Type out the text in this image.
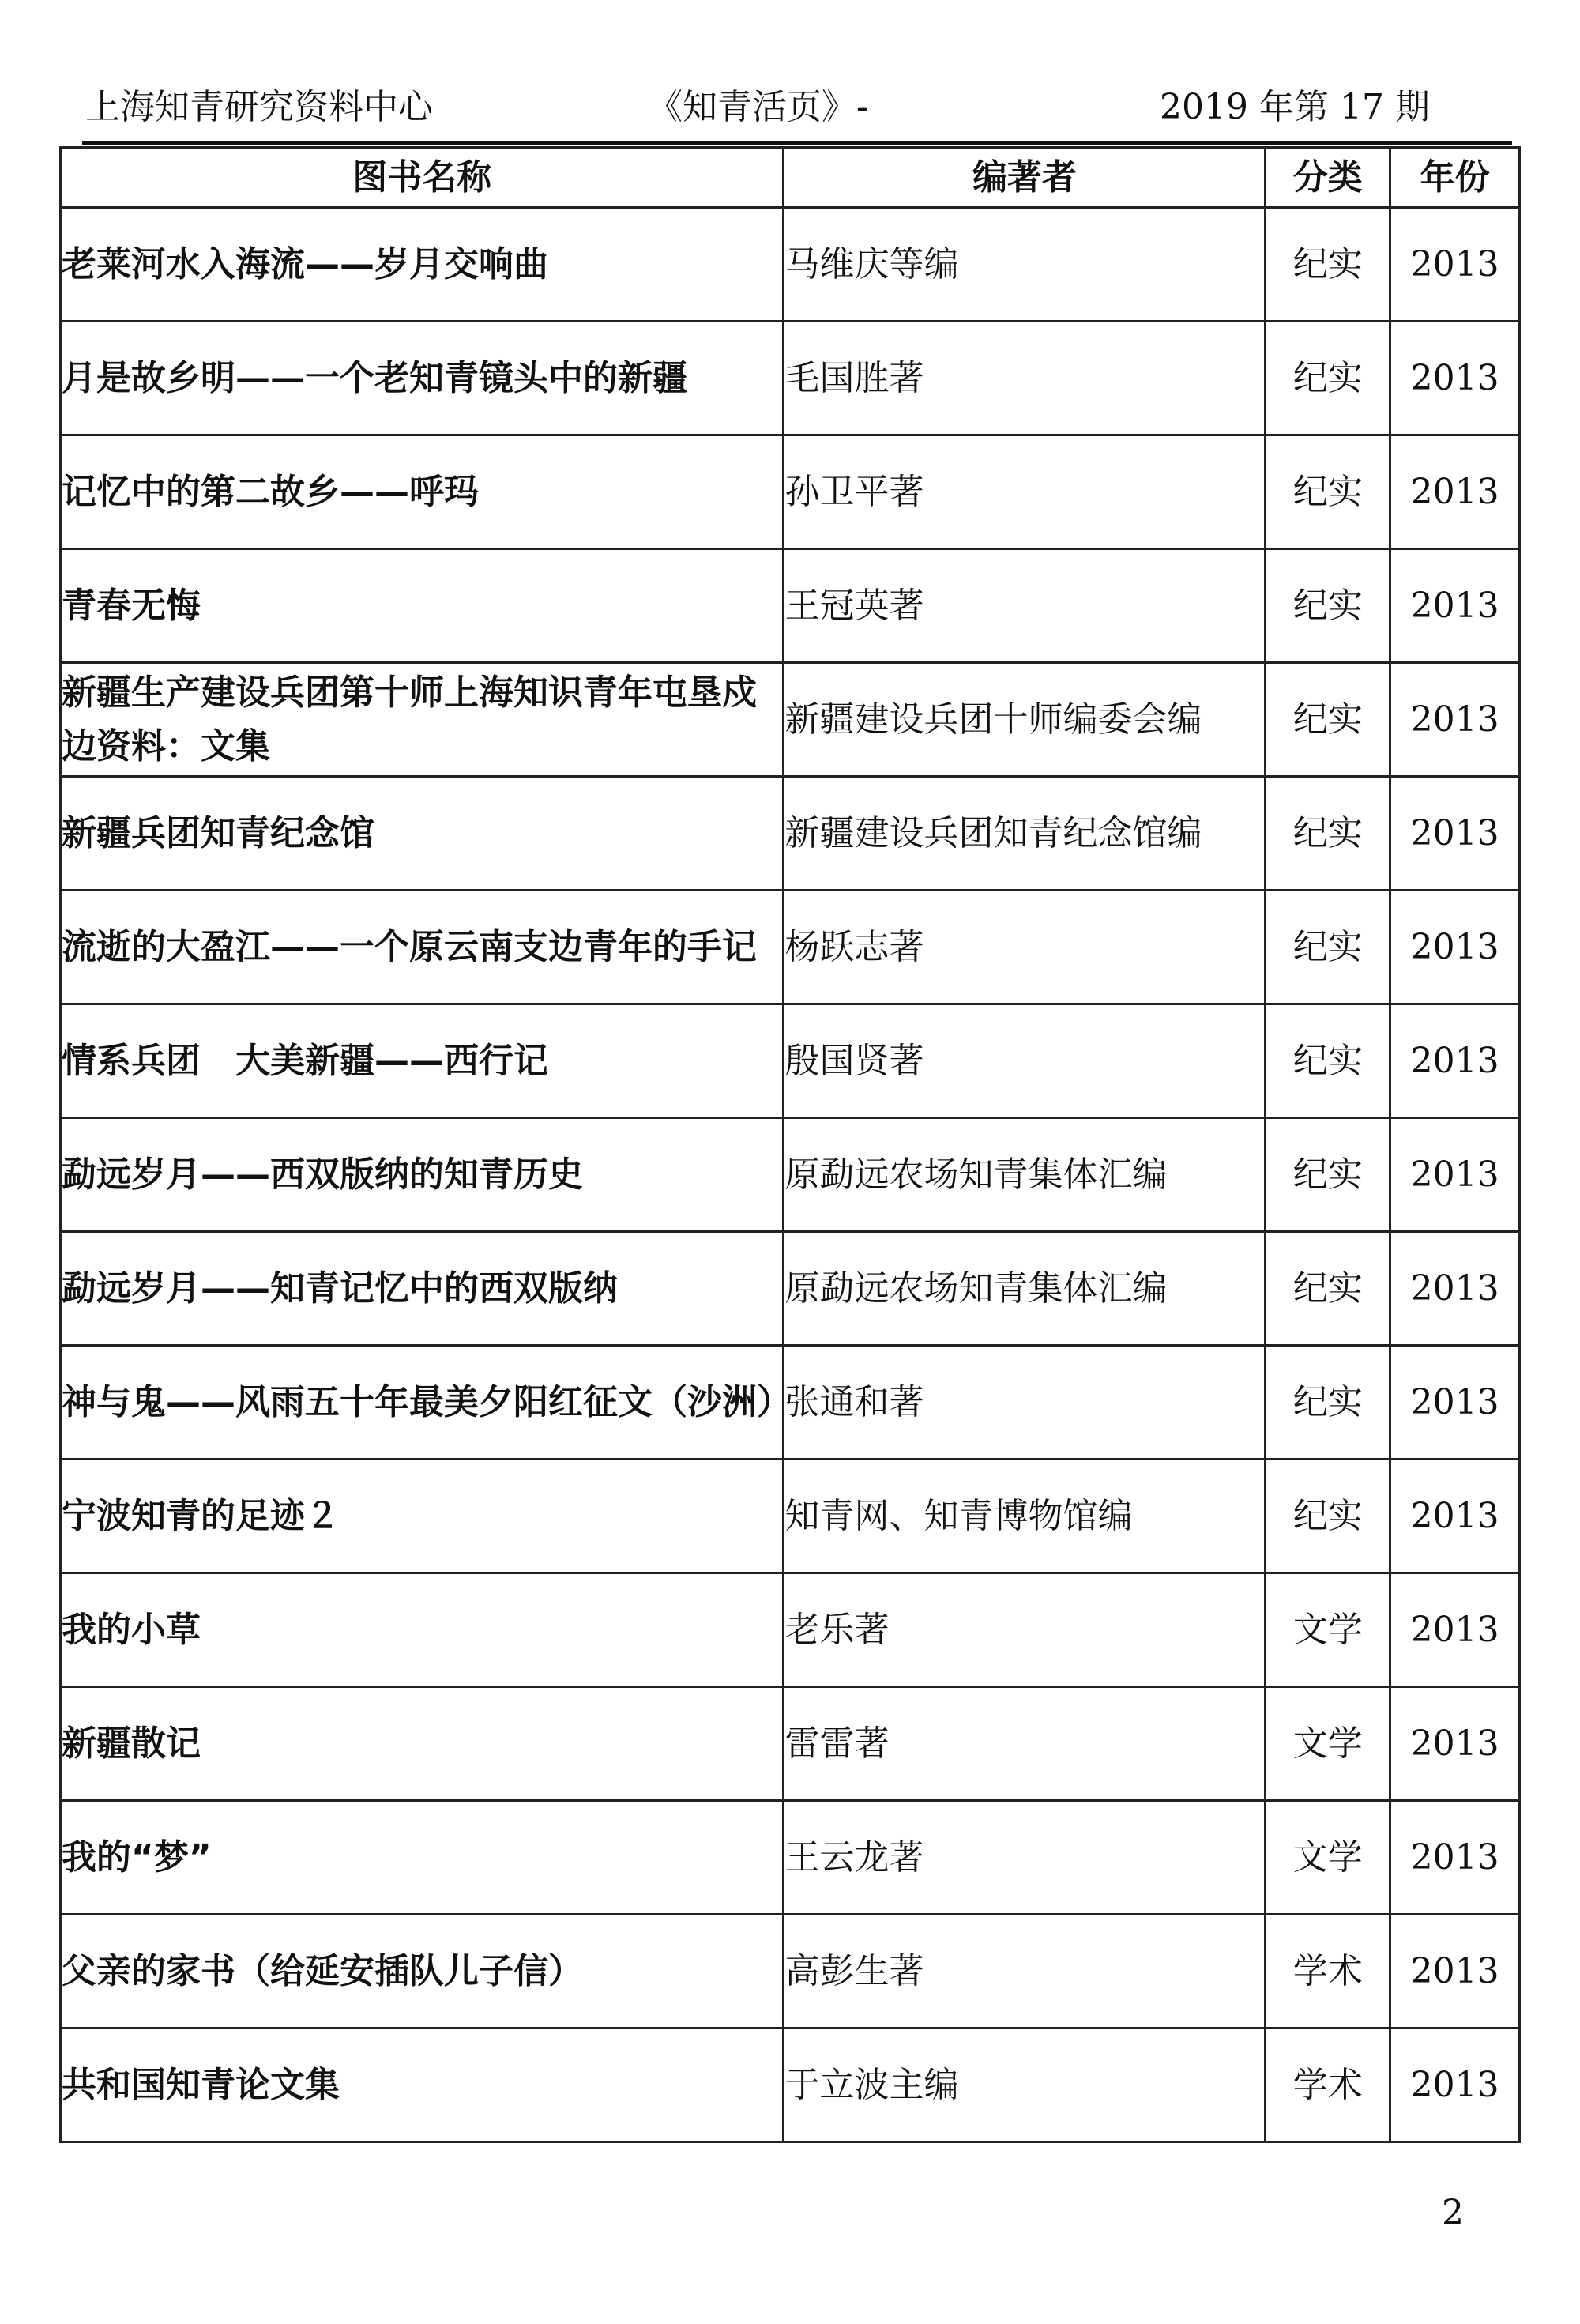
上海知青研究资料中心	《知青活页》-	2019 年第 17 期
图书名称	编著者	分类	年份
老莱河水入海流——岁月交响曲	马维庆等编	纪实	2013
月是故乡明——一个老知青镜头中的新疆	毛国胜著	纪实	2013
记忆中的第二故乡——呼玛	孙卫平著	纪实	2013
青春无悔	王冠英著	纪实	2013
新疆生产建设兵团第十师上海知识青年屯垦戍边资料：文集	新疆建设兵团十师编委会编	纪实	2013
新疆兵团知青纪念馆	新疆建设兵团知青纪念馆编	纪实	2013
流逝的大盈江——一个原云南支边青年的手记	杨跃志著	纪实	2013
情系兵团　大美新疆——西行记	殷国贤著	纪实	2013
勐远岁月——西双版纳的知青历史	原勐远农场知青集体汇编	纪实	2013
勐远岁月——知青记忆中的西双版纳	原勐远农场知青集体汇编	纪实	2013
神与鬼——风雨五十年最美夕阳红征文（沙洲）	张通和著	纪实	2013
宁波知青的足迹２	知青网、知青博物馆编	纪实	2013
我的小草	老乐著	文学	2013
新疆散记	雷雷著	文学	2013
我的“梦”	王云龙著	文学	2013
父亲的家书（给延安插队儿子信）	高彭生著	学术	2013
共和国知青论文集	于立波主编	学术	2013
2
